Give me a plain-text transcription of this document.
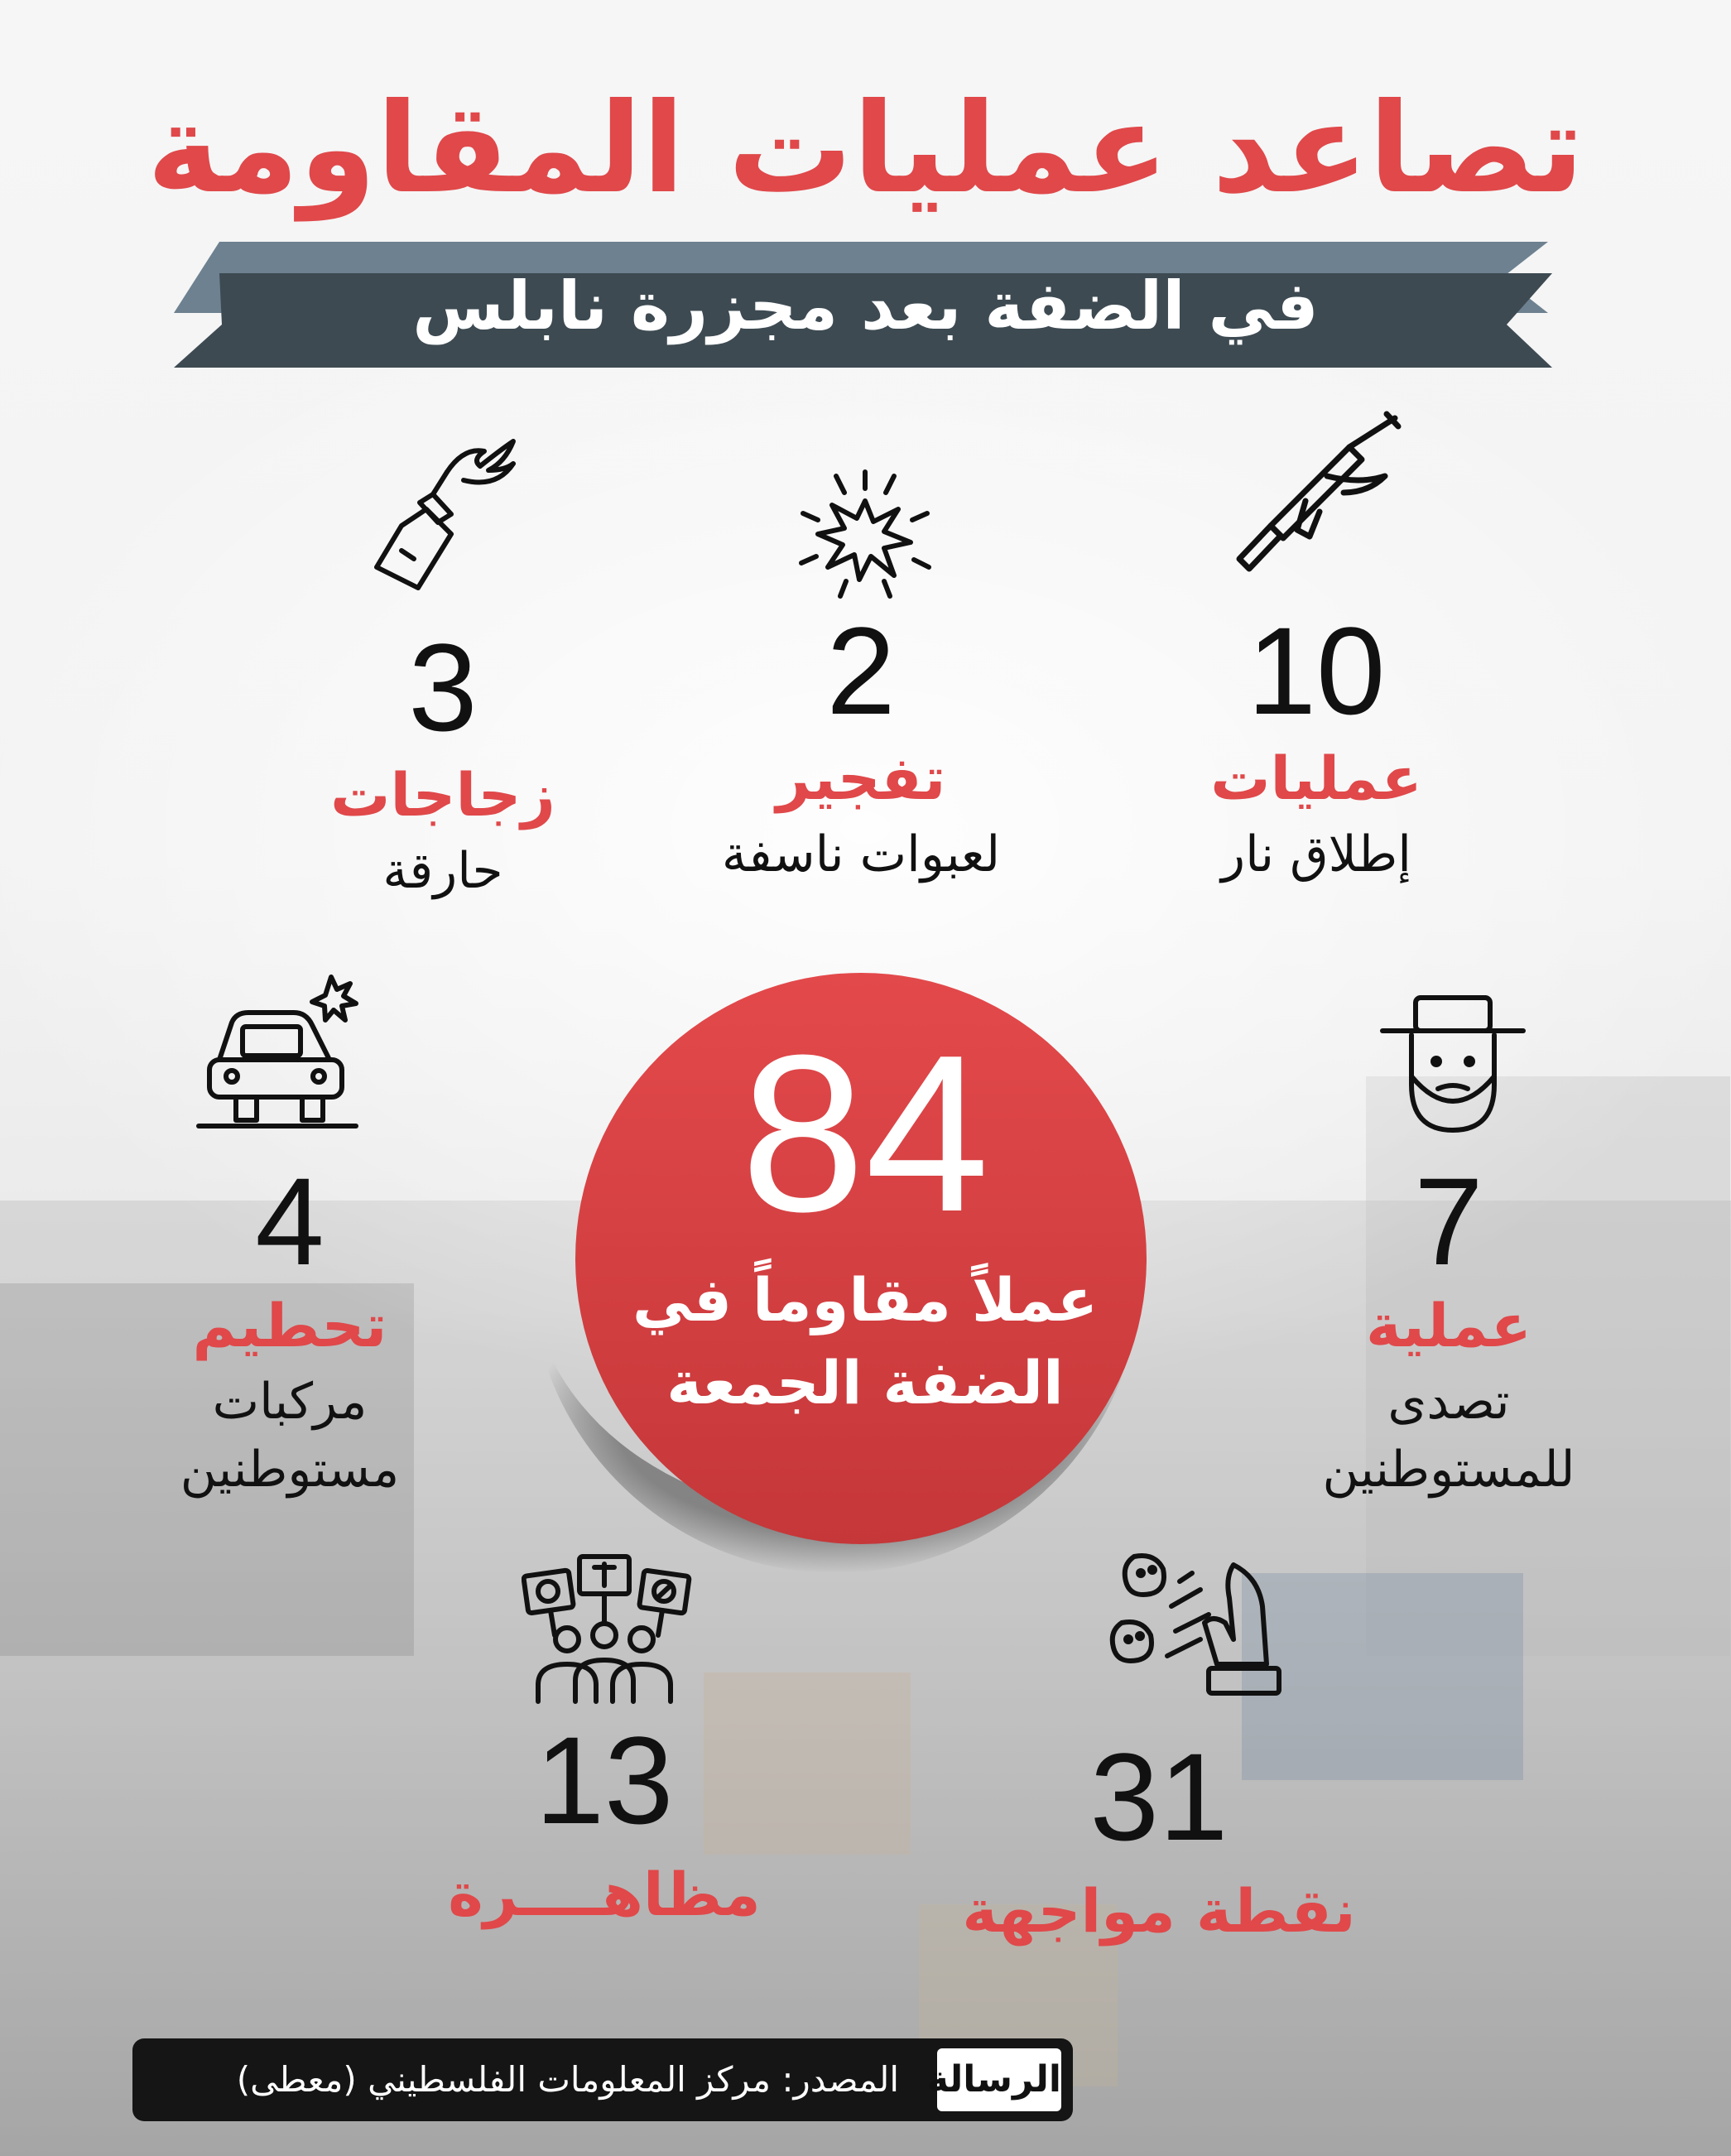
تصاعد عمليات المقاومة
في الضفة بعد مجزرة نابلس
10
عمليات
إطلاق نار
2
تفجير
لعبوات ناسفة
3
زجاجات
حارقة
84
عملاً مقاوماً في
الضفة الجمعة
7
عملية
تصدى
للمستوطنين
4
تحطيم
مركبات
مستوطنين
31
نقطة مواجهة
13
مظاهــــرة
الرسالة
المصدر: مركز المعلومات الفلسطيني (معطى)
